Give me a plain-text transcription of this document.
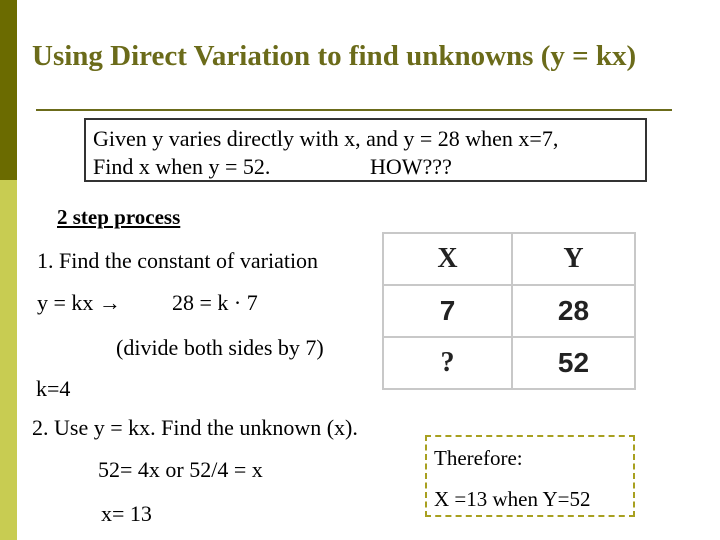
Using Direct Variation to find unknowns (y = kx)
Given y varies directly with x, and y = 28 when x=7,
Find x when y = 52.	HOW???
2 step process
1. Find the constant of variation
y = kx → 28 = k · 7
(divide both sides by 7)
k=4
2. Use y = kx. Find the unknown (x).
52= 4x or 52/4 = x
x= 13
X	Y
7	28
?	52
Therefore:
X =13 when Y=52
